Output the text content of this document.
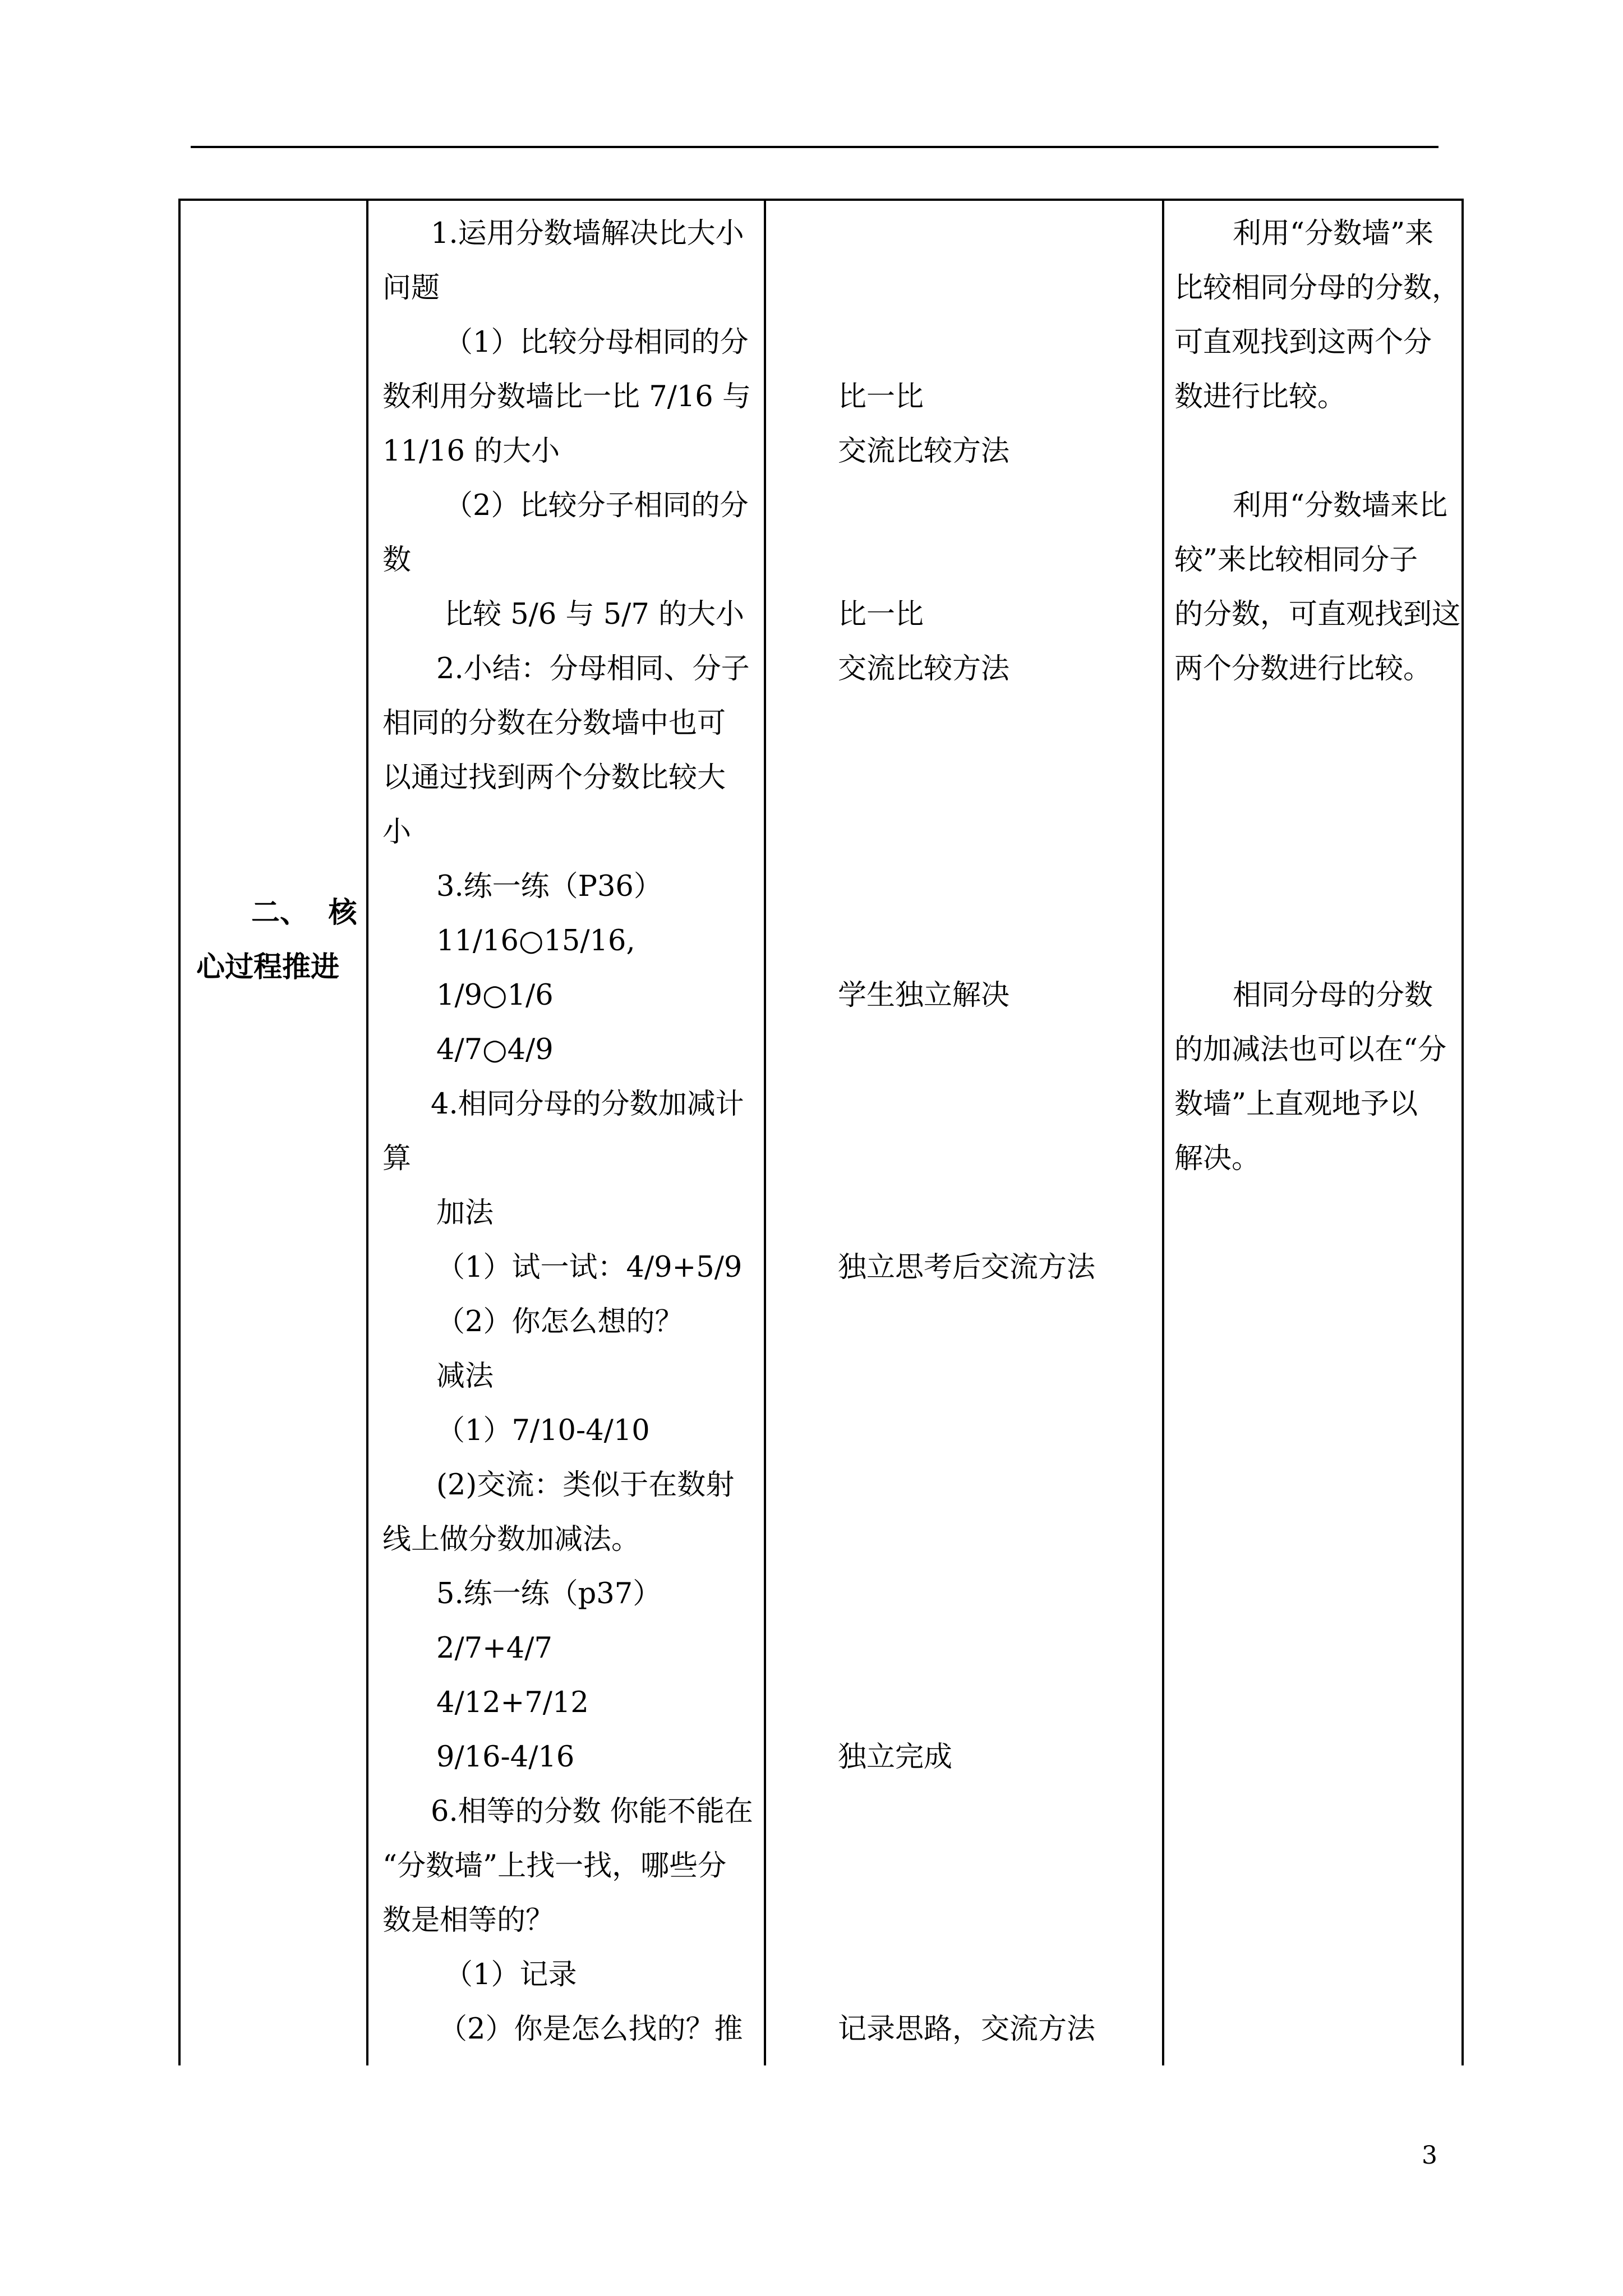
二、  核
心过程推进
1.运用分数墙解决比大小
问题
（1）比较分母相同的分
数利用分数墙比一比 7/16 与
11/16 的大小
（2）比较分子相同的分
数
比较 5/6 与 5/7 的大小
2.小结：分母相同、分子
相同的分数在分数墙中也可
以通过找到两个分数比较大
小
3.练一练（P36）
11/16○15/16,
1/9○1/6
4/7○4/9
4.相同分母的分数加减计
算
加法
（1）试一试：4/9+5/9
（2）你怎么想的？
减法
（1）7/10-4/10
(2)交流：类似于在数射
线上做分数加减法。
5.练一练（p37）
2/7+4/7
4/12+7/12
9/16-4/16
6.相等的分数 你能不能在
“分数墙”上找一找，哪些分
数是相等的？
（1）记录
（2）你是怎么找的？推
比一比
交流比较方法
比一比
交流比较方法
学生独立解决
独立思考后交流方法
独立完成
记录思路，交流方法
利用“分数墙”来
比较相同分母的分数，
可直观找到这两个分
数进行比较。
利用“分数墙来比
较”来比较相同分子
的分数，可直观找到这
两个分数进行比较。
相同分母的分数
的加减法也可以在“分
数墙”上直观地予以
解决。
3
